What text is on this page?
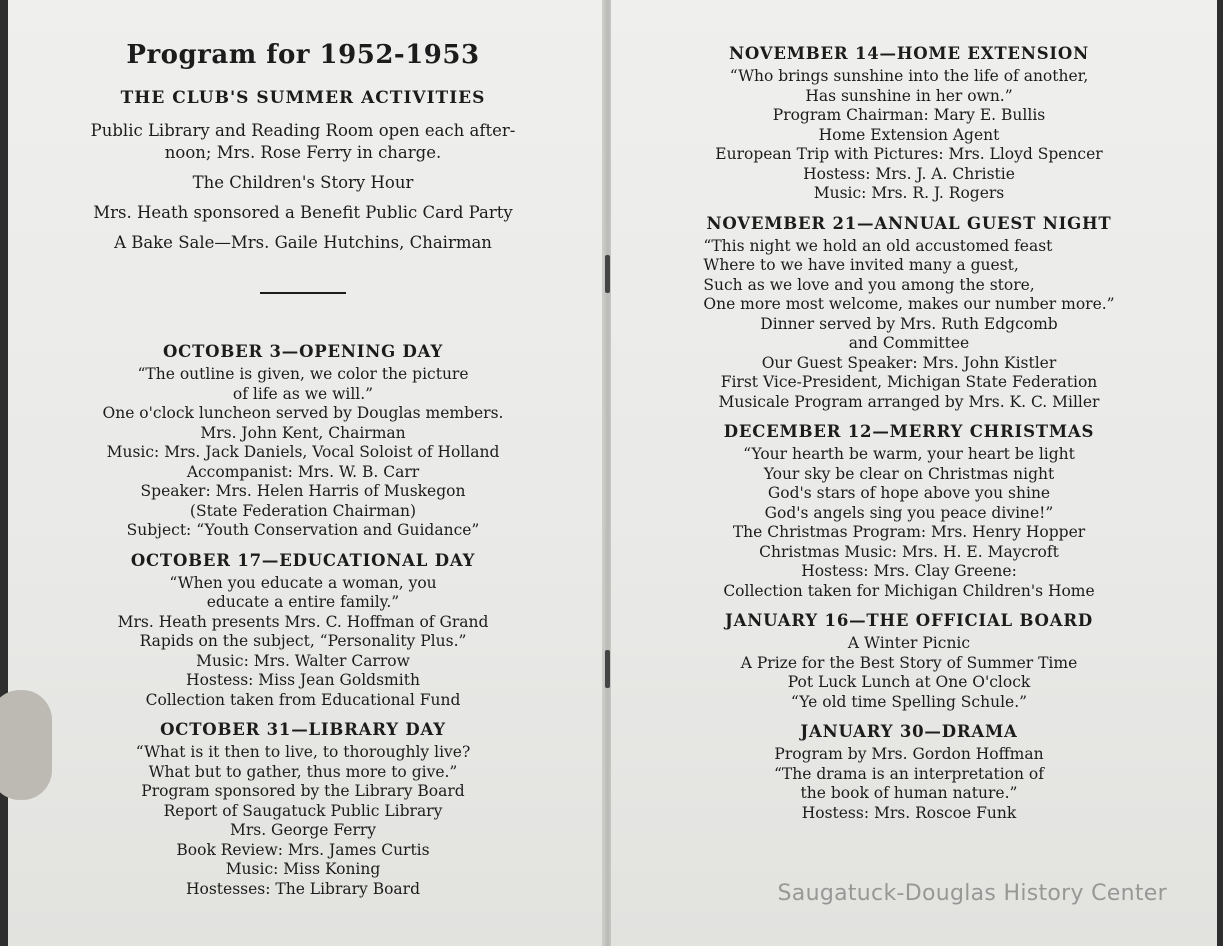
Program for 1952-1953
THE CLUB'S SUMMER ACTIVITIES

Public Library and Reading Room open each after-

noon; Mrs. Rose Ferry in charge.

The Children's Story Hour

Mrs. Heath sponsored a Benefit Public Card Party

A Bake Sale—Mrs. Gaile Hutchins, Chairman

OCTOBER 3—OPENING DAY

“The outline is given, we color the picture

of life as we will.”

One o'clock luncheon served by Douglas members.

Mrs. John Kent, Chairman

Music: Mrs. Jack Daniels, Vocal Soloist of Holland

Accompanist: Mrs. W. B. Carr

Speaker: Mrs. Helen Harris of Muskegon

(State Federation Chairman)

Subject: “Youth Conservation and Guidance”

OCTOBER 17—EDUCATIONAL DAY

“When you educate a woman, you

educate a entire family.”

Mrs. Heath presents Mrs. C. Hoffman of Grand

Rapids on the subject, “Personality Plus.”

Music: Mrs. Walter Carrow

Hostess: Miss Jean Goldsmith

Collection taken from Educational Fund

OCTOBER 31—LIBRARY DAY

“What is it then to live, to thoroughly live?

What but to gather, thus more to give.”

Program sponsored by the Library Board

Report of Saugatuck Public Library

Mrs. George Ferry

Book Review: Mrs. James Curtis

Music: Miss Koning

Hostesses: The Library Board

NOVEMBER 14—HOME EXTENSION

“Who brings sunshine into the life of another,

Has sunshine in her own.”

Program Chairman: Mary E. Bullis

Home Extension Agent

European Trip with Pictures: Mrs. Lloyd Spencer

Hostess: Mrs. J. A. Christie

Music: Mrs. R. J. Rogers

NOVEMBER 21—ANNUAL GUEST NIGHT

“This night we hold an old accustomed feast

Where to we have invited many a guest,

Such as we love and you among the store,

One more most welcome, makes our number more.”

Dinner served by Mrs. Ruth Edgcomb

and Committee

Our Guest Speaker: Mrs. John Kistler

First Vice-President, Michigan State Federation

Musicale Program arranged by Mrs. K. C. Miller

DECEMBER 12—MERRY CHRISTMAS

“Your hearth be warm, your heart be light

Your sky be clear on Christmas night

God's stars of hope above you shine

God's angels sing you peace divine!”

The Christmas Program: Mrs. Henry Hopper

Christmas Music: Mrs. H. E. Maycroft

Hostess: Mrs. Clay Greene:

Collection taken for Michigan Children's Home

JANUARY 16—THE OFFICIAL BOARD

A Winter Picnic

A Prize for the Best Story of Summer Time

Pot Luck Lunch at One O'clock

“Ye old time Spelling Schule.”

JANUARY 30—DRAMA

Program by Mrs. Gordon Hoffman

“The drama is an interpretation of

the book of human nature.”

Hostess: Mrs. Roscoe Funk

Saugatuck-Douglas History Center
